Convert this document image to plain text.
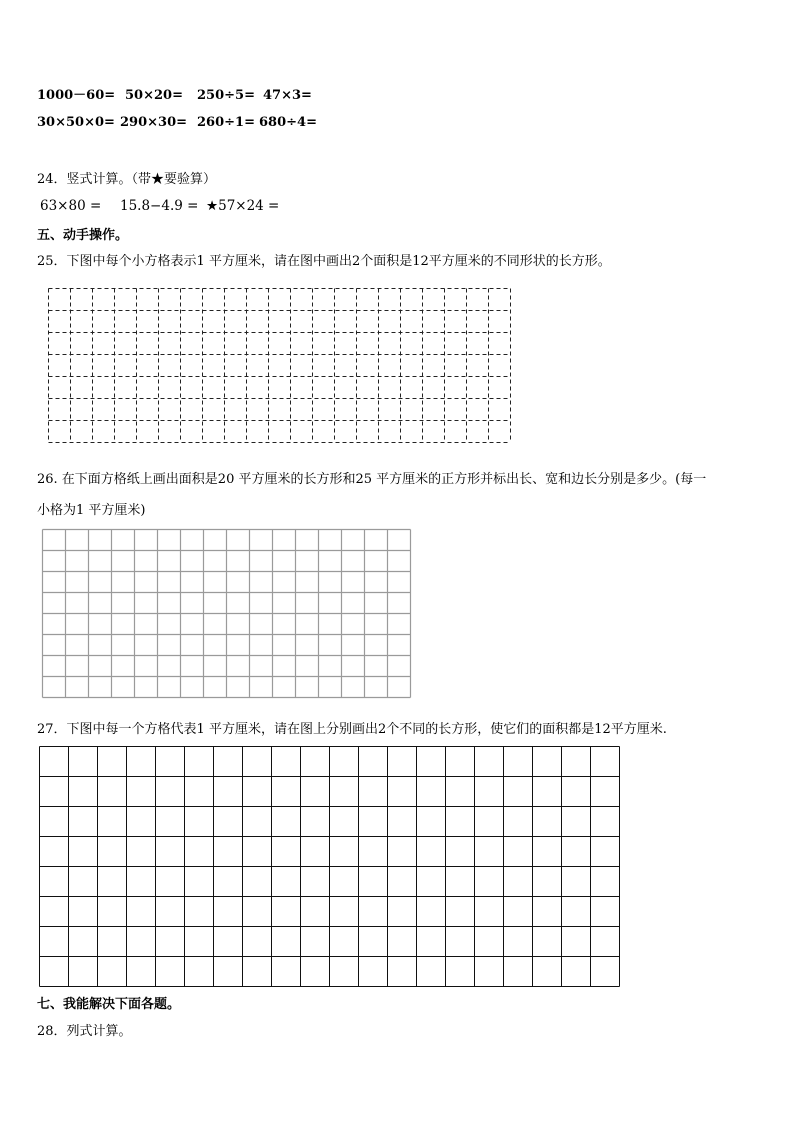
1000－60= 50×20= 250÷5= 47×3=
30×50×0= 290×30= 260÷1= 680÷4=
24．竖式计算。（带★要验算）
63×80 = 15.8−4.9 = ★57×24 =
五、动手操作。
25．下图中每个小方格表示1 平方厘米，请在图中画出2个面积是12平方厘米的不同形状的长方形。
26. 在下面方格纸上画出面积是20 平方厘米的长方形和25 平方厘米的正方形并标出长、宽和边长分别是多少。(每一
小格为1 平方厘米)
27．下图中每一个方格代表1 平方厘米，请在图上分别画出2个不同的长方形，使它们的面积都是12平方厘米.
七、我能解决下面各题。
28．列式计算。
